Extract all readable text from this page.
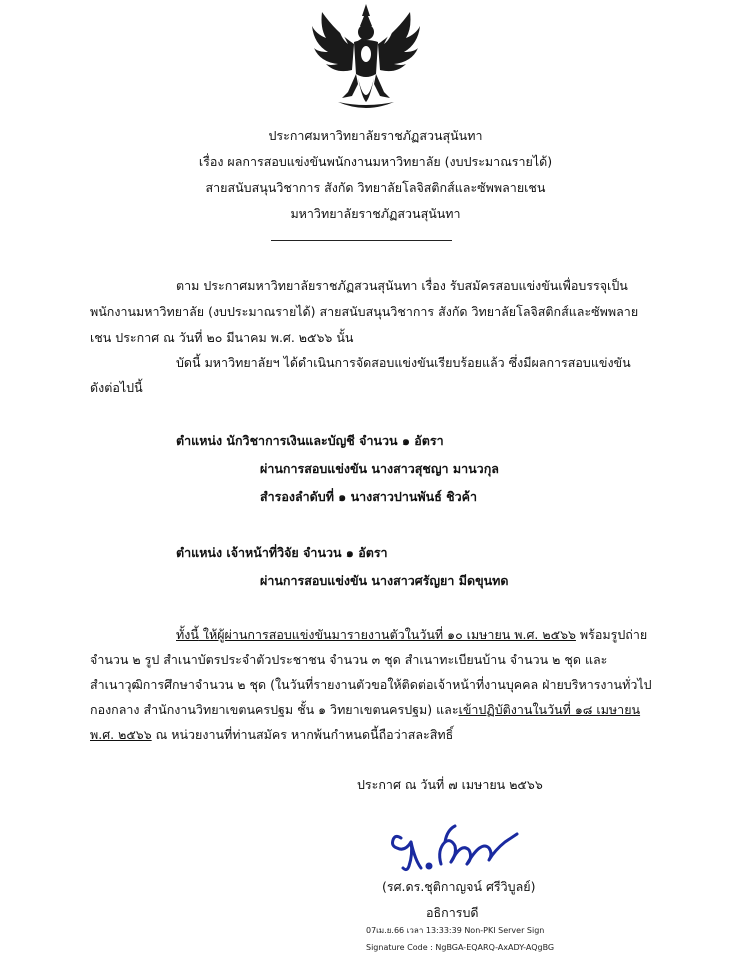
ประกาศมหาวิทยาลัยราชภัฏสวนสุนันทา
เรื่อง ผลการสอบแข่งขันพนักงานมหาวิทยาลัย (งบประมาณรายได้)
สายสนับสนุนวิชาการ สังกัด วิทยาลัยโลจิสติกส์และซัพพลายเชน
มหาวิทยาลัยราชภัฏสวนสุนันทา
ตาม ประกาศมหาวิทยาลัยราชภัฏสวนสุนันทา เรื่อง รับสมัครสอบแข่งขันเพื่อบรรจุเป็น
พนักงานมหาวิทยาลัย (งบประมาณรายได้) สายสนับสนุนวิชาการ สังกัด วิทยาลัยโลจิสติกส์และซัพพลาย
เชน ประกาศ ณ วันที่ ๒๐ มีนาคม พ.ศ. ๒๕๖๖ นั้น
บัดนี้ มหาวิทยาลัยฯ ได้ดำเนินการจัดสอบแข่งขันเรียบร้อยแล้ว ซึ่งมีผลการสอบแข่งขัน
ดังต่อไปนี้
ตำแหน่ง นักวิชาการเงินและบัญชี จำนวน ๑ อัตรา
ผ่านการสอบแข่งขัน นางสาวสุชญา มานวกุล
สำรองลำดับที่ ๑ นางสาวปานพันธ์ ชิวค้า
ตำแหน่ง เจ้าหน้าที่วิจัย จำนวน ๑ อัตรา
ผ่านการสอบแข่งขัน นางสาวศรัญยา มีดขุนทด
ทั้งนี้ ให้ผู้ผ่านการสอบแข่งขันมารายงานตัวในวันที่ ๑๐ เมษายน พ.ศ. ๒๕๖๖ พร้อมรูปถ่าย
จำนวน ๒ รูป สำเนาบัตรประจำตัวประชาชน จำนวน ๓ ชุด สำเนาทะเบียนบ้าน จำนวน ๒ ชุด และ
สำเนาวุฒิการศึกษาจำนวน ๒ ชุด (ในวันที่รายงานตัวขอให้ติดต่อเจ้าหน้าที่งานบุคคล ฝ่ายบริหารงานทั่วไป
กองกลาง สำนักงานวิทยาเขตนครปฐม ชั้น ๑ วิทยาเขตนครปฐม) และเข้าปฏิบัติงานในวันที่ ๑๘ เมษายน
พ.ศ. ๒๕๖๖ ณ หน่วยงานที่ท่านสมัคร หากพ้นกำหนดนี้ถือว่าสละสิทธิ์
ประกาศ ณ วันที่ ๗ เมษายน ๒๕๖๖
(รศ.ดร.ชุติกาญจน์ ศรีวิบูลย์)
อธิการบดี
07เม.ย.66 เวลา 13:33:39 Non-PKI Server Sign
Signature Code : NgBGA-EQARQ-AxADY-AQgBG
